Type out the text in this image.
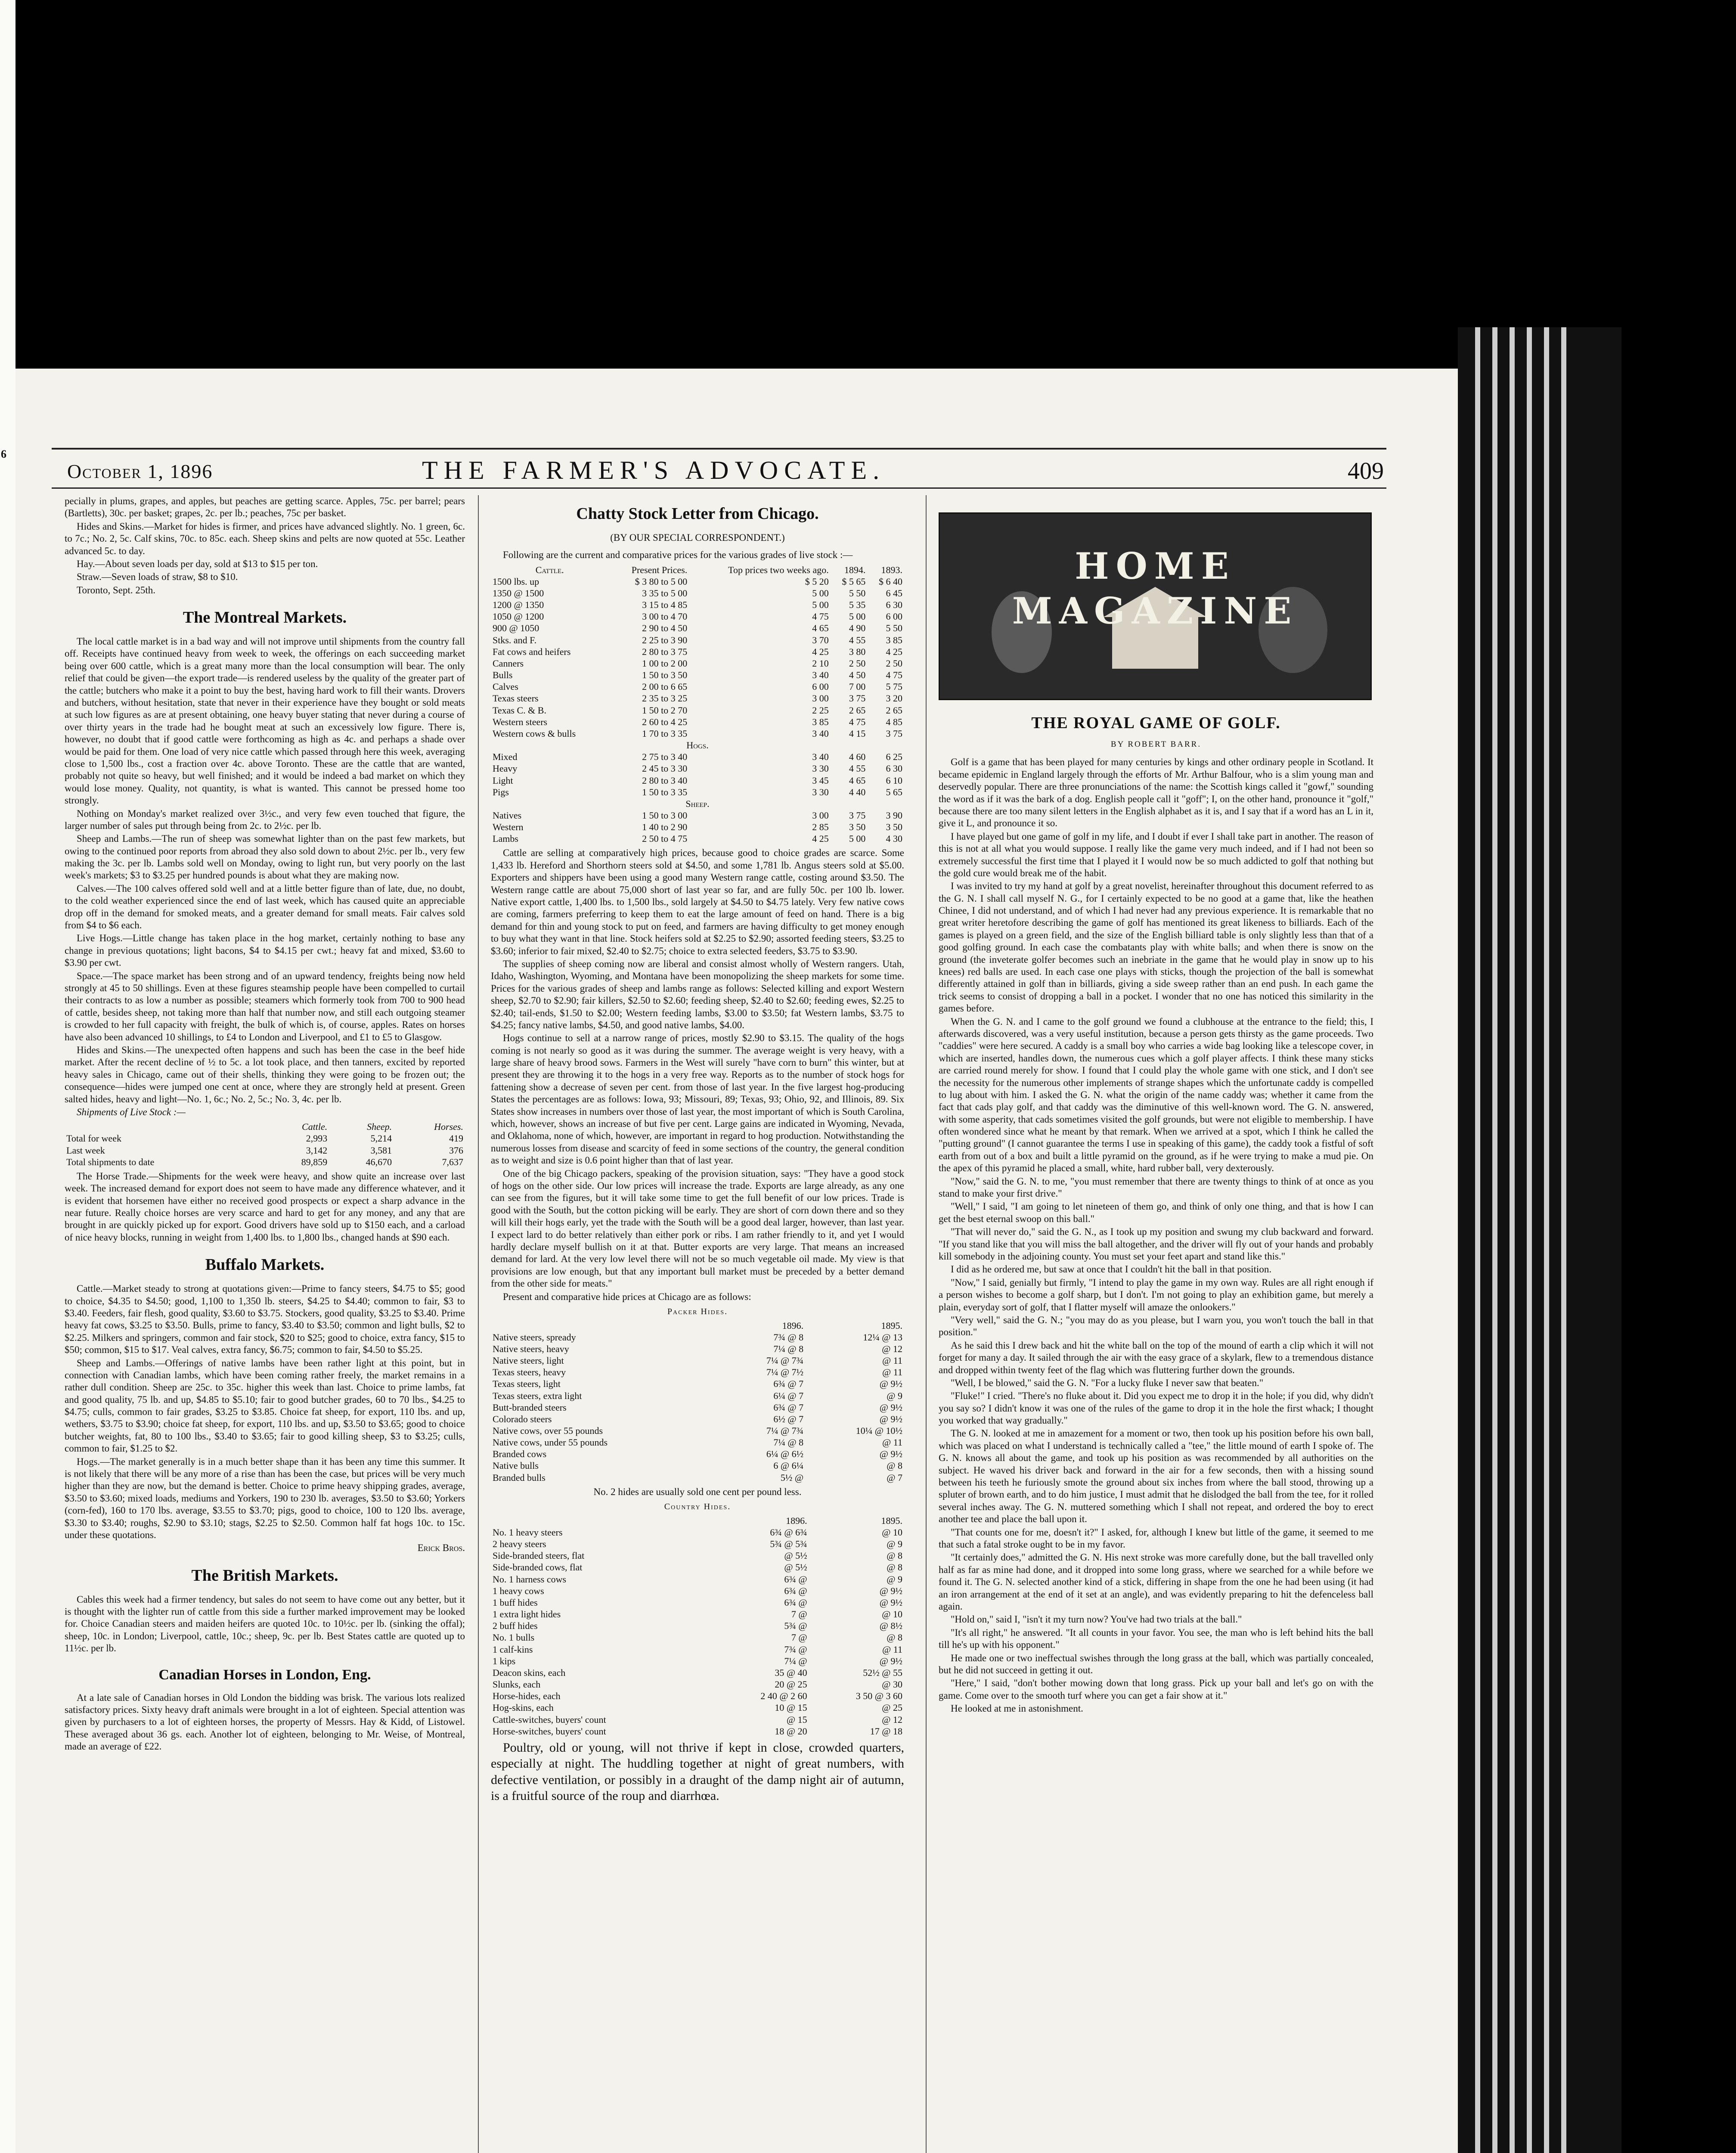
6
October 1, 1896	THE FARMER'S ADVOCATE.	409

pecially in plums, grapes, and apples, but peaches are getting scarce. Apples, 75c. per barrel; pears (Bartletts), 30c. per basket; grapes, 2c. per lb.; peaches, 75c per basket.

Hides and Skins.—Market for hides is firmer, and prices have advanced slightly. No. 1 green, 6c. to 7c.; No. 2, 5c. Calf skins, 70c. to 85c. each. Sheep skins and pelts are now quoted at 55c. Leather advanced 5c. to day.

Hay.—About seven loads per day, sold at $13 to $15 per ton.

Straw.—Seven loads of straw, $8 to $10.

Toronto, Sept. 25th.

The Montreal Markets.

The local cattle market is in a bad way and will not improve until shipments from the country fall off. Receipts have continued heavy from week to week, the offerings on each succeeding market being over 600 cattle, which is a great many more than the local consumption will bear. The only relief that could be given—the export trade—is rendered useless by the quality of the greater part of the cattle; butchers who make it a point to buy the best, having hard work to fill their wants. Drovers and butchers, without hesitation, state that never in their experience have they bought or sold meats at such low figures as are at present obtaining, one heavy buyer stating that never during a course of over thirty years in the trade had he bought meat at such an excessively low figure. There is, however, no doubt that if good cattle were forthcoming as high as 4c. and perhaps a shade over would be paid for them. One load of very nice cattle which passed through here this week, averaging close to 1,500 lbs., cost a fraction over 4c. above Toronto. These are the cattle that are wanted, probably not quite so heavy, but well finished; and it would be indeed a bad market on which they would lose money. Quality, not quantity, is what is wanted. This cannot be pressed home too strongly.

Nothing on Monday's market realized over 3½c., and very few even touched that figure, the larger number of sales put through being from 2c. to 2½c. per lb.

Sheep and Lambs.—The run of sheep was somewhat lighter than on the past few markets, but owing to the continued poor reports from abroad they also sold down to about 2½c. per lb., very few making the 3c. per lb. Lambs sold well on Monday, owing to light run, but very poorly on the last week's markets; $3 to $3.25 per hundred pounds is about what they are making now.

Calves.—The 100 calves offered sold well and at a little better figure than of late, due, no doubt, to the cold weather experienced since the end of last week, which has caused quite an appreciable drop off in the demand for smoked meats, and a greater demand for small meats. Fair calves sold from $4 to $6 each.

Live Hogs.—Little change has taken place in the hog market, certainly nothing to base any change in previous quotations; light bacons, $4 to $4.15 per cwt.; heavy fat and mixed, $3.60 to $3.90 per cwt.

Space.—The space market has been strong and of an upward tendency, freights being now held strongly at 45 to 50 shillings. Even at these figures steamship people have been compelled to curtail their contracts to as low a number as possible; steamers which formerly took from 700 to 900 head of cattle, besides sheep, not taking more than half that number now, and still each outgoing steamer is crowded to her full capacity with freight, the bulk of which is, of course, apples. Rates on horses have also been advanced 10 shillings, to £4 to London and Liverpool, and £1 to £5 to Glasgow.

Hides and Skins.—The unexpected often happens and such has been the case in the beef hide market. After the recent decline of ½ to 5c. a lot took place, and then tanners, excited by reported heavy sales in Chicago, came out of their shells, thinking they were going to be frozen out; the consequence—hides were jumped one cent at once, where they are strongly held at present. Green salted hides, heavy and light—No. 1, 6c.; No. 2, 5c.; No. 3, 4c. per lb.

Shipments of Live Stock :—

	Cattle.	Sheep.	Horses.
Total for week	2,993	5,214	419
Last week	3,142	3,581	376
Total shipments to date	89,859	46,670	7,637

The Horse Trade.—Shipments for the week were heavy, and show quite an increase over last week. The increased demand for export does not seem to have made any difference whatever, and it is evident that horsemen have either no received good prospects or expect a sharp advance in the near future. Really choice horses are very scarce and hard to get for any money, and any that are brought in are quickly picked up for export. Good drivers have sold up to $150 each, and a carload of nice heavy blocks, running in weight from 1,400 lbs. to 1,800 lbs., changed hands at $90 each.

Buffalo Markets.

Cattle.—Market steady to strong at quotations given:—Prime to fancy steers, $4.75 to $5; good to choice, $4.35 to $4.50; good, 1,100 to 1,350 lb. steers, $4.25 to $4.40; common to fair, $3 to $3.40. Feeders, fair flesh, good quality, $3.60 to $3.75. Stockers, good quality, $3.25 to $3.40. Prime heavy fat cows, $3.25 to $3.50. Bulls, prime to fancy, $3.40 to $3.50; common and light bulls, $2 to $2.25. Milkers and springers, common and fair stock, $20 to $25; good to choice, extra fancy, $15 to $50; common, $15 to $17. Veal calves, extra fancy, $6.75; common to fair, $4.50 to $5.25.

Sheep and Lambs.—Offerings of native lambs have been rather light at this point, but in connection with Canadian lambs, which have been coming rather freely, the market remains in a rather dull condition. Sheep are 25c. to 35c. higher this week than last. Choice to prime lambs, fat and good quality, 75 lb. and up, $4.85 to $5.10; fair to good butcher grades, 60 to 70 lbs., $4.25 to $4.75; culls, common to fair grades, $3.25 to $3.85. Choice fat sheep, for export, 110 lbs. and up, wethers, $3.75 to $3.90; choice fat sheep, for export, 110 lbs. and up, $3.50 to $3.65; good to choice butcher weights, fat, 80 to 100 lbs., $3.40 to $3.65; fair to good killing sheep, $3 to $3.25; culls, common to fair, $1.25 to $2.

Hogs.—The market generally is in a much better shape than it has been any time this summer. It is not likely that there will be any more of a rise than has been the case, but prices will be very much higher than they are now, but the demand is better. Choice to prime heavy shipping grades, average, $3.50 to $3.60; mixed loads, mediums and Yorkers, 190 to 230 lb. averages, $3.50 to $3.60; Yorkers (corn-fed), 160 to 170 lbs. average, $3.55 to $3.70; pigs, good to choice, 100 to 120 lbs. average, $3.30 to $3.40; roughs, $2.90 to $3.10; stags, $2.25 to $2.50. Common half fat hogs 10c. to 15c. under these quotations.

Erick Bros.

The British Markets.

Cables this week had a firmer tendency, but sales do not seem to have come out any better, but it is thought with the lighter run of cattle from this side a further marked improvement may be looked for. Choice Canadian steers and maiden heifers are quoted 10c. to 10½c. per lb. (sinking the offal); sheep, 10c. in London; Liverpool, cattle, 10c.; sheep, 9c. per lb. Best States cattle are quoted up to 11½c. per lb.

Canadian Horses in London, Eng.

At a late sale of Canadian horses in Old London the bidding was brisk. The various lots realized satisfactory prices. Sixty heavy draft animals were brought in a lot of eighteen. Special attention was given by purchasers to a lot of eighteen horses, the property of Messrs. Hay & Kidd, of Listowel. These averaged about 36 gs. each. Another lot of eighteen, belonging to Mr. Weise, of Montreal, made an average of £22.

Chatty Stock Letter from Chicago.
(BY OUR SPECIAL CORRESPONDENT.)

Following are the current and comparative prices for the various grades of live stock :—

Cattle.	Present Prices.	Top prices two weeks ago.	1894.	1893.
1500 lbs. up	$ 3 80 to 5 00	$ 5 20	$ 5 65	$ 6 40
1350 @ 1500	3 35 to 5 00	5 00	5 50	6 45
1200 @ 1350	3 15 to 4 85	5 00	5 35	6 30
1050 @ 1200	3 00 to 4 70	4 75	5 00	6 00
900 @ 1050	2 90 to 4 50	4 65	4 90	5 50
Stks. and F.	2 25 to 3 90	3 70	4 55	3 85
Fat cows and heifers	2 80 to 3 75	4 25	3 80	4 25
Canners	1 00 to 2 00	2 10	2 50	2 50
Bulls	1 50 to 3 50	3 40	4 50	4 75
Calves	2 00 to 6 65	6 00	7 00	5 75
Texas steers	2 35 to 3 25	3 00	3 75	3 20
Texas C. & B.	1 50 to 2 70	2 25	2 65	2 65
Western steers	2 60 to 4 25	3 85	4 75	4 85
Western cows & bulls	1 70 to 3 35	3 40	4 15	3 75
Hogs.				
Mixed	2 75 to 3 40	3 40	4 60	6 25
Heavy	2 45 to 3 30	3 30	4 55	6 30
Light	2 80 to 3 40	3 45	4 65	6 10
Pigs	1 50 to 3 35	3 30	4 40	5 65
Sheep.				
Natives	1 50 to 3 00	3 00	3 75	3 90
Western	1 40 to 2 90	2 85	3 50	3 50
Lambs	2 50 to 4 75	4 25	5 00	4 30

Cattle are selling at comparatively high prices, because good to choice grades are scarce. Some 1,433 lb. Hereford and Shorthorn steers sold at $4.50, and some 1,781 lb. Angus steers sold at $5.00. Exporters and shippers have been using a good many Western range cattle, costing around $3.50. The Western range cattle are about 75,000 short of last year so far, and are fully 50c. per 100 lb. lower. Native export cattle, 1,400 lbs. to 1,500 lbs., sold largely at $4.50 to $4.75 lately. Very few native cows are coming, farmers preferring to keep them to eat the large amount of feed on hand. There is a big demand for thin and young stock to put on feed, and farmers are having difficulty to get money enough to buy what they want in that line. Stock heifers sold at $2.25 to $2.90; assorted feeding steers, $3.25 to $3.60; inferior to fair mixed, $2.40 to $2.75; choice to extra selected feeders, $3.75 to $3.90.

The supplies of sheep coming now are liberal and consist almost wholly of Western rangers. Utah, Idaho, Washington, Wyoming, and Montana have been monopolizing the sheep markets for some time. Prices for the various grades of sheep and lambs range as follows: Selected killing and export Western sheep, $2.70 to $2.90; fair killers, $2.50 to $2.60; feeding sheep, $2.40 to $2.60; feeding ewes, $2.25 to $2.40; tail-ends, $1.50 to $2.00; Western feeding lambs, $3.00 to $3.50; fat Western lambs, $3.75 to $4.25; fancy native lambs, $4.50, and good native lambs, $4.00.

Hogs continue to sell at a narrow range of prices, mostly $2.90 to $3.15. The quality of the hogs coming is not nearly so good as it was during the summer. The average weight is very heavy, with a large share of heavy brood sows. Farmers in the West will surely "have corn to burn" this winter, but at present they are throwing it to the hogs in a very free way. Reports as to the number of stock hogs for fattening show a decrease of seven per cent. from those of last year. In the five largest hog-producing States the percentages are as follows: Iowa, 93; Missouri, 89; Texas, 93; Ohio, 92, and Illinois, 89. Six States show increases in numbers over those of last year, the most important of which is South Carolina, which, however, shows an increase of but five per cent. Large gains are indicated in Wyoming, Nevada, and Oklahoma, none of which, however, are important in regard to hog production. Notwithstanding the numerous losses from disease and scarcity of feed in some sections of the country, the general condition as to weight and size is 0.6 point higher than that of last year.

One of the big Chicago packers, speaking of the provision situation, says: "They have a good stock of hogs on the other side. Our low prices will increase the trade. Exports are large already, as any one can see from the figures, but it will take some time to get the full benefit of our low prices. Trade is good with the South, but the cotton picking will be early. They are short of corn down there and so they will kill their hogs early, yet the trade with the South will be a good deal larger, however, than last year. I expect lard to do better relatively than either pork or ribs. I am rather friendly to it, and yet I would hardly declare myself bullish on it at that. Butter exports are very large. That means an increased demand for lard. At the very low level there will not be so much vegetable oil made. My view is that provisions are low enough, but that any important bull market must be preceded by a better demand from the other side for meats."

Present and comparative hide prices at Chicago are as follows:

Packer Hides.
	1896.	1895.
Native steers, spready	7¾ @ 8	12¼ @ 13
Native steers, heavy	7¼ @ 8	@ 12
Native steers, light	7¼ @ 7¾	@ 11
Texas steers, heavy	7¼ @ 7½	@ 11
Texas steers, light	6¾ @ 7	@ 9½
Texas steers, extra light	6¼ @ 7	@ 9
Butt-branded steers	6¾ @ 7	@ 9½
Colorado steers	6½ @ 7	@ 9½
Native cows, over 55 pounds	7¼ @ 7¾	10¼ @ 10½
Native cows, under 55 pounds	7¼ @ 8	@ 11
Branded cows	6¼ @ 6½	@ 9½
Native bulls	6 @ 6¼	@ 8
Branded bulls	5½ @	@ 7

No. 2 hides are usually sold one cent per pound less.

Country Hides.
	1896.	1895.
No. 1 heavy steers	6¾ @ 6¾	@ 10
2 heavy steers	5¾ @ 5¾	@ 9
Side-branded steers, flat	@ 5½	@ 8
Side-branded cows, flat	@ 5½	@ 8
No. 1 harness cows	6¾ @	@ 9
1 heavy cows	6¾ @	@ 9½
1 buff hides	6¾ @	@ 9½
1 extra light hides	7 @	@ 10
2 buff hides	5¾ @	@ 8½
No. 1 bulls	7 @	@ 8
1 calf-kins	7¾ @	@ 11
1 kips	7¼ @	@ 9½
Deacon skins, each	35 @ 40	52½ @ 55
Slunks, each	20 @ 25	@ 30
Horse-hides, each	2 40 @ 2 60	3 50 @ 3 60
Hog-skins, each	10 @ 15	@ 25
Cattle-switches, buyers' count	@ 15	@ 12
Horse-switches, buyers' count	18 @ 20	17 @ 18

Poultry, old or young, will not thrive if kept in close, crowded quarters, especially at night. The huddling together at night of great numbers, with defective ventilation, or possibly in a draught of the damp night air of autumn, is a fruitful source of the roup and diarrhœa.

HOME MAGAZINE
THE ROYAL GAME OF GOLF.
BY ROBERT BARR.

Golf is a game that has been played for many centuries by kings and other ordinary people in Scotland. It became epidemic in England largely through the efforts of Mr. Arthur Balfour, who is a slim young man and deservedly popular. There are three pronunciations of the name: the Scottish kings called it "gowf," sounding the word as if it was the bark of a dog. English people call it "goff"; I, on the other hand, pronounce it "golf," because there are too many silent letters in the English alphabet as it is, and I say that if a word has an L in it, give it L, and pronounce it so.

I have played but one game of golf in my life, and I doubt if ever I shall take part in another. The reason of this is not at all what you would suppose. I really like the game very much indeed, and if I had not been so extremely successful the first time that I played it I would now be so much addicted to golf that nothing but the gold cure would break me of the habit.

I was invited to try my hand at golf by a great novelist, hereinafter throughout this document referred to as the G. N. I shall call myself N. G., for I certainly expected to be no good at a game that, like the heathen Chinee, I did not understand, and of which I had never had any previous experience. It is remarkable that no great writer heretofore describing the game of golf has mentioned its great likeness to billiards. Each of the games is played on a green field, and the size of the English billiard table is only slightly less than that of a good golfing ground. In each case the combatants play with white balls; and when there is snow on the ground (the inveterate golfer becomes such an inebriate in the game that he would play in snow up to his knees) red balls are used. In each case one plays with sticks, though the projection of the ball is somewhat differently attained in golf than in billiards, giving a side sweep rather than an end push. In each game the trick seems to consist of dropping a ball in a pocket. I wonder that no one has noticed this similarity in the games before.

When the G. N. and I came to the golf ground we found a clubhouse at the entrance to the field; this, I afterwards discovered, was a very useful institution, because a person gets thirsty as the game proceeds. Two "caddies" were here secured. A caddy is a small boy who carries a wide bag looking like a telescope cover, in which are inserted, handles down, the numerous cues which a golf player affects. I think these many sticks are carried round merely for show. I found that I could play the whole game with one stick, and I don't see the necessity for the numerous other implements of strange shapes which the unfortunate caddy is compelled to lug about with him. I asked the G. N. what the origin of the name caddy was; whether it came from the fact that cads play golf, and that caddy was the diminutive of this well-known word. The G. N. answered, with some asperity, that cads sometimes visited the golf grounds, but were not eligible to membership. I have often wondered since what he meant by that remark. When we arrived at a spot, which I think he called the "putting ground" (I cannot guarantee the terms I use in speaking of this game), the caddy took a fistful of soft earth from out of a box and built a little pyramid on the ground, as if he were trying to make a mud pie. On the apex of this pyramid he placed a small, white, hard rubber ball, very dexterously.

"Now," said the G. N. to me, "you must remember that there are twenty things to think of at once as you stand to make your first drive."

"Well," I said, "I am going to let nineteen of them go, and think of only one thing, and that is how I can get the best eternal swoop on this ball."

"That will never do," said the G. N., as I took up my position and swung my club backward and forward. "If you stand like that you will miss the ball altogether, and the driver will fly out of your hands and probably kill somebody in the adjoining county. You must set your feet apart and stand like this."

I did as he ordered me, but saw at once that I couldn't hit the ball in that position.

"Now," I said, genially but firmly, "I intend to play the game in my own way. Rules are all right enough if a person wishes to become a golf sharp, but I don't. I'm not going to play an exhibition game, but merely a plain, everyday sort of golf, that I flatter myself will amaze the onlookers."

"Very well," said the G. N.; "you may do as you please, but I warn you, you won't touch the ball in that position."

As he said this I drew back and hit the white ball on the top of the mound of earth a clip which it will not forget for many a day. It sailed through the air with the easy grace of a skylark, flew to a tremendous distance and dropped within twenty feet of the flag which was fluttering further down the grounds.

"Well, I be blowed," said the G. N. "For a lucky fluke I never saw that beaten."

"Fluke!" I cried. "There's no fluke about it. Did you expect me to drop it in the hole; if you did, why didn't you say so? I didn't know it was one of the rules of the game to drop it in the hole the first whack; I thought you worked that way gradually."

The G. N. looked at me in amazement for a moment or two, then took up his position before his own ball, which was placed on what I understand is technically called a "tee," the little mound of earth I spoke of. The G. N. knows all about the game, and took up his position as was recommended by all authorities on the subject. He waved his driver back and forward in the air for a few seconds, then with a hissing sound between his teeth he furiously smote the ground about six inches from where the ball stood, throwing up a spluter of brown earth, and to do him justice, I must admit that he dislodged the ball from the tee, for it rolled several inches away. The G. N. muttered something which I shall not repeat, and ordered the boy to erect another tee and place the ball upon it.

"That counts one for me, doesn't it?" I asked, for, although I knew but little of the game, it seemed to me that such a fatal stroke ought to be in my favor.

"It certainly does," admitted the G. N. His next stroke was more carefully done, but the ball travelled only half as far as mine had done, and it dropped into some long grass, where we searched for a while before we found it. The G. N. selected another kind of a stick, differing in shape from the one he had been using (it had an iron arrangement at the end of it set at an angle), and was evidently preparing to hit the defenceless ball again.

"Hold on," said I, "isn't it my turn now? You've had two trials at the ball."

"It's all right," he answered. "It all counts in your favor. You see, the man who is left behind hits the ball till he's up with his opponent."

He made one or two ineffectual swishes through the long grass at the ball, which was partially concealed, but he did not succeed in getting it out.

"Here," I said, "don't bother mowing down that long grass. Pick up your ball and let's go on with the game. Come over to the smooth turf where you can get a fair show at it."

He looked at me in astonishment.
